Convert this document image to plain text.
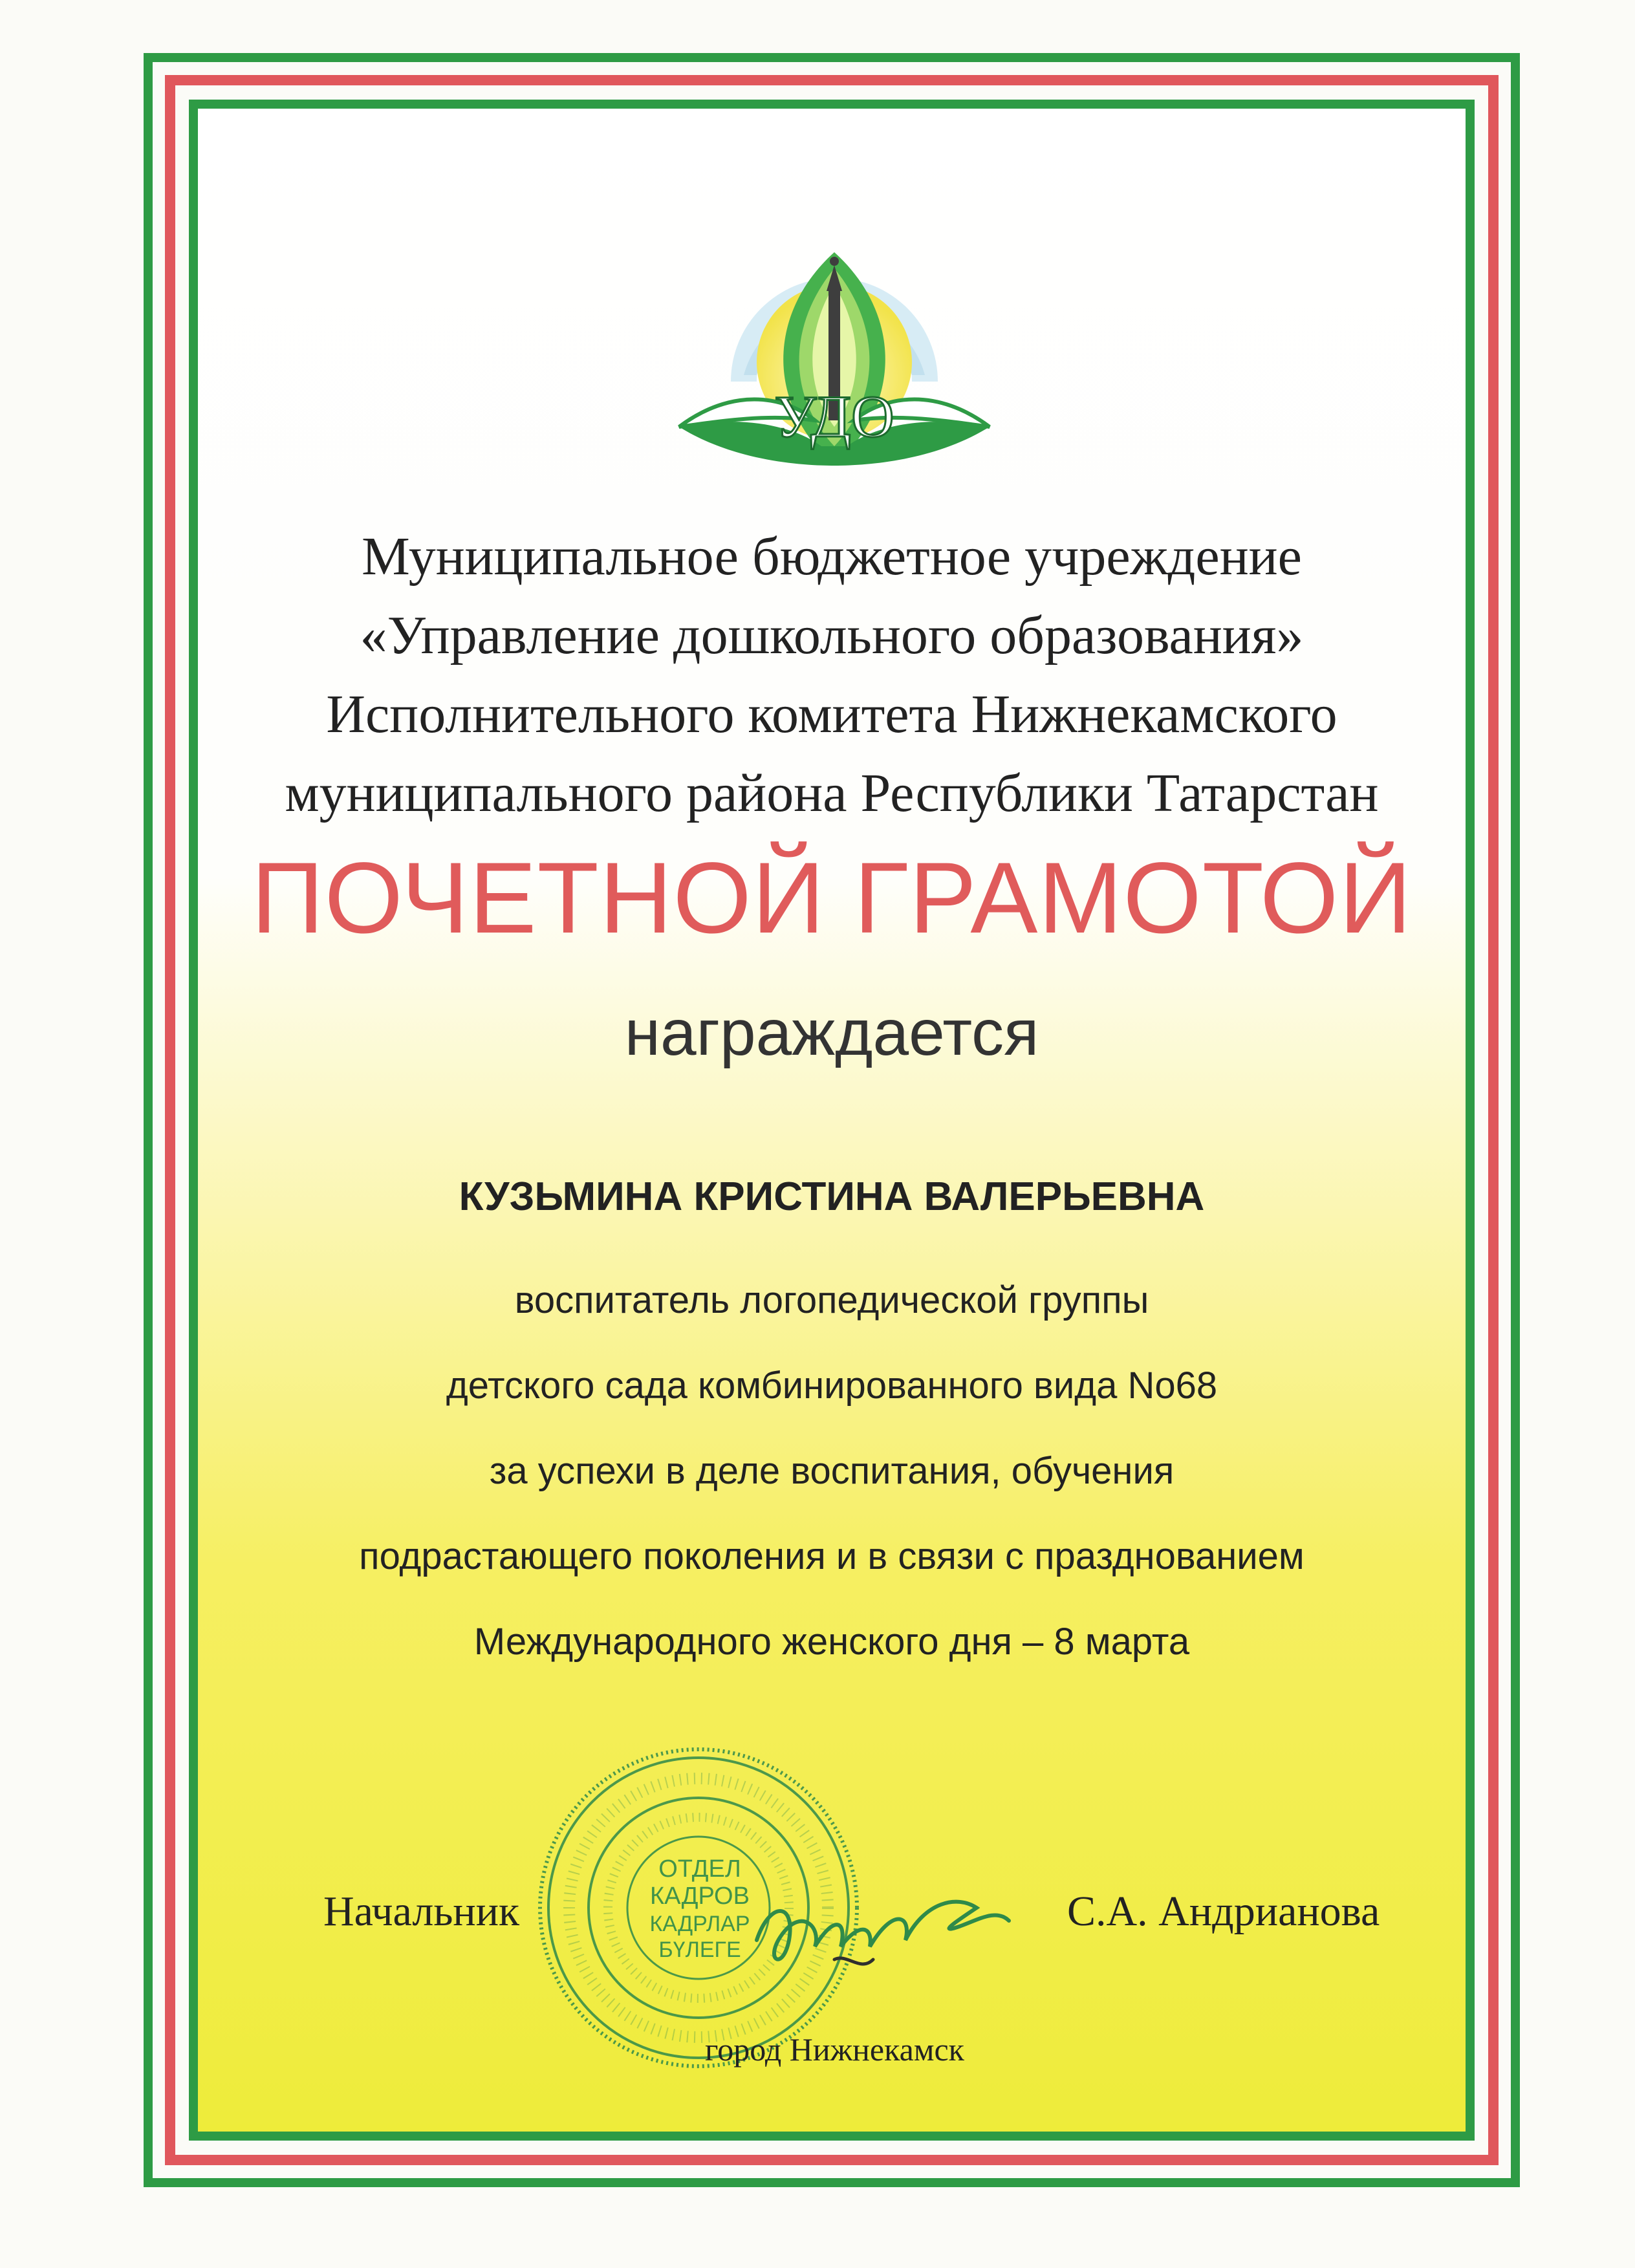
УДО
Муниципальное бюджетное учреждение
«Управление дошкольного образования»
Исполнительного комитета Нижнекамского
муниципального района Республики Татарстан
ПОЧЕТНОЙ ГРАМОТОЙ
награждается
КУЗЬМИНА КРИСТИНА ВАЛЕРЬЕВНА
воспитатель логопедической группы
детского сада комбинированного вида No68
за успехи в деле воспитания, обучения
подрастающего поколения и в связи с празднованием
Международного женского дня – 8 марта
ОТДЕЛ
КАДРОВ
КАДРЛАР
БҮЛЕГЕ
Начальник	С.А. Андрианова
город Нижнекамск
